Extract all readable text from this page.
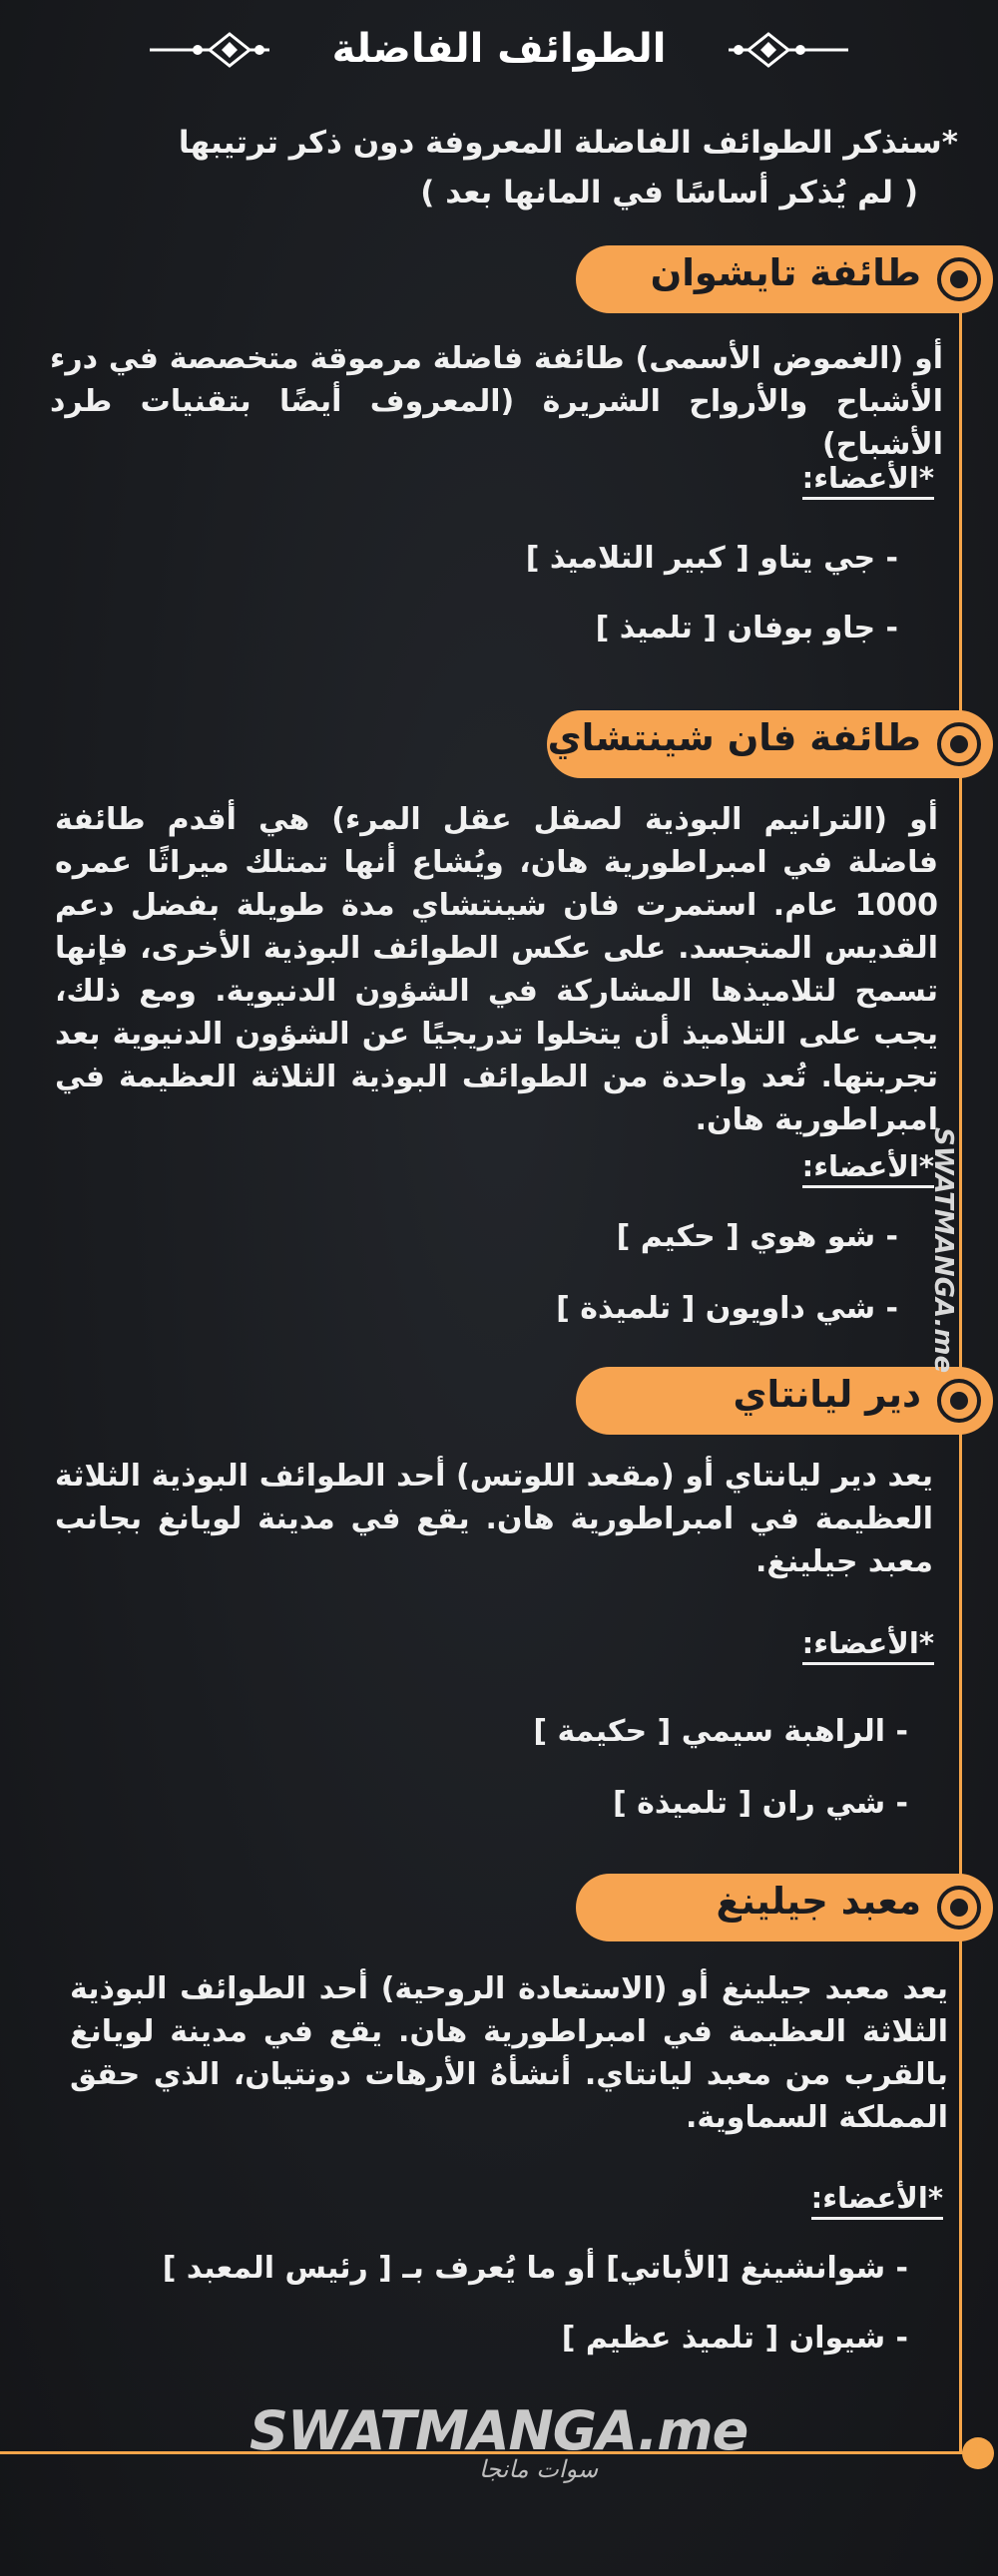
الطوائف الفاضلة

*سنذكر الطوائف الفاضلة المعروفة دون ذكر ترتيبها

( لم يُذكر أساسًا في المانها بعد )

طائفة تايشوان
أو (الغموض الأسمى) طائفة فاضلة مرموقة متخصصة في درء الأشباح والأرواح الشريرة (المعروف أيضًا بتقنيات طرد الأشباح)
*الأعضاء:
- جي يتاو [ كبير التلاميذ ]
- جاو بوفان [ تلميذ ]
طائفة فان شينتشاي
أو (الترانيم البوذية لصقل عقل المرء) هي أقدم طائفة فاضلة في امبراطورية هان، ويُشاع أنها تمتلك ميراثًا عمره 1000 عام. استمرت فان شينتشاي مدة طويلة بفضل دعم القديس المتجسد. على عكس الطوائف البوذية الأخرى، فإنها تسمح لتلاميذها المشاركة في الشؤون الدنيوية. ومع ذلك، يجب على التلاميذ أن يتخلوا تدريجيًا عن الشؤون الدنيوية بعد تجربتها. تُعد واحدة من الطوائف البوذية الثلاثة العظيمة في امبراطورية هان.
*الأعضاء:
- شو هوي [ حكيم ]
- شي داويون [ تلميذة ]
دير ليانتاي
يعد دير ليانتاي أو (مقعد اللوتس) أحد الطوائف البوذية الثلاثة العظيمة في امبراطورية هان. يقع في مدينة لويانغ بجانب معبد جيلينغ.
*الأعضاء:
- الراهبة سيمي [ حكيمة ]
- شي ران [ تلميذة ]
معبد جيلينغ
يعد معبد جيلينغ أو (الاستعادة الروحية) أحد الطوائف البوذية الثلاثة العظيمة في امبراطورية هان. يقع في مدينة لويانغ بالقرب من معبد ليانتاي. أنشأهُ الأرهات دونتيان، الذي حقق المملكة السماوية.
*الأعضاء:
- شوانشينغ [الأباتي] أو ما يُعرف بـ [ رئيس المعبد ]
- شيوان [ تلميذ عظيم ]
SWATMANGA.me
SWATMANGA.me
سوات مانجا
